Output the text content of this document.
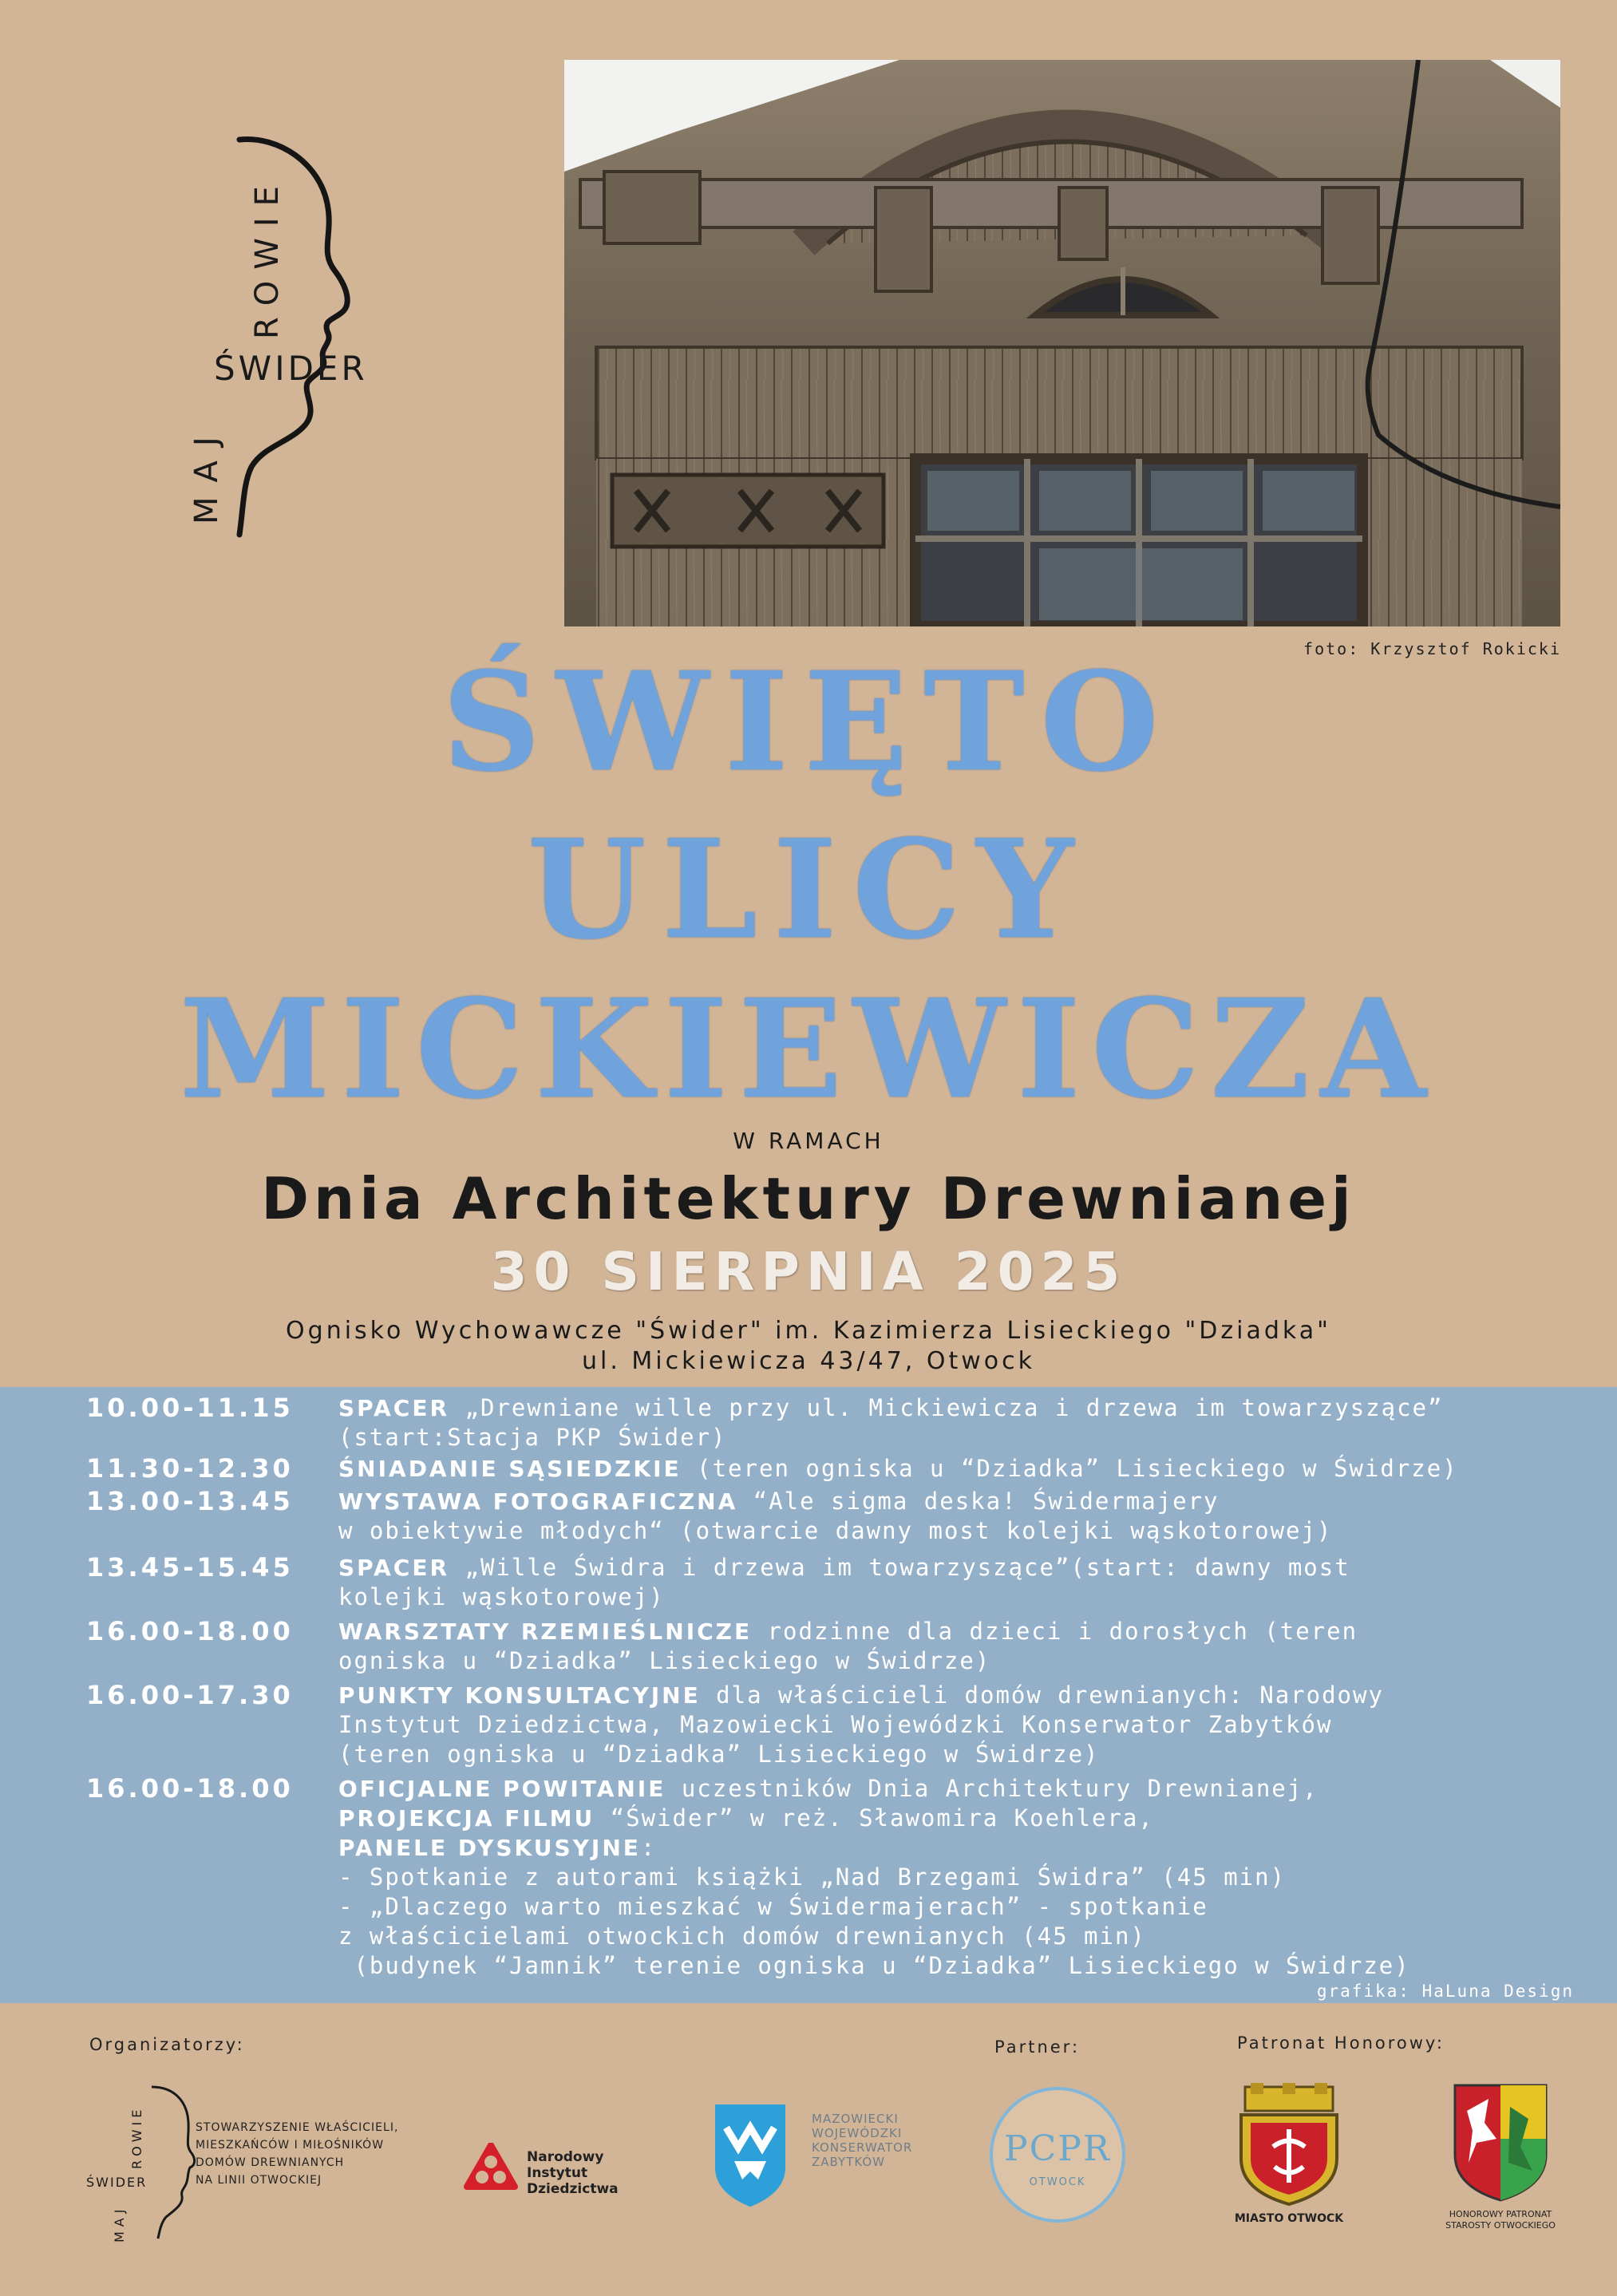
ŚWIDER
MAJ
ROWIE
foto: Krzysztof Rokicki
ŚWIĘTO
ULICY
MICKIEWICZA
W RAMACH
Dnia Architektury Drewnianej
30 SIERPNIA 2025
Ognisko Wychowawcze "Świder" im. Kazimierza Lisieckiego "Dziadka"
ul. Mickiewicza 43/47, Otwock
10.00-11.15	SPACER „Drewniane wille przy ul. Mickiewicza i drzewa im towarzyszące”
(start:Stacja PKP Świder)
11.30-12.30	ŚNIADANIE SĄSIEDZKIE (teren ogniska u “Dziadka” Lisieckiego w Świdrze)
13.00-13.45	WYSTAWA FOTOGRAFICZNA “Ale sigma deska! Świdermajery
w obiektywie młodych“ (otwarcie dawny most kolejki wąskotorowej)
13.45-15.45	SPACER „Wille Świdra i drzewa im towarzyszące”(start: dawny most
kolejki wąskotorowej)
16.00-18.00	WARSZTATY RZEMIEŚLNICZE rodzinne dla dzieci i dorosłych (teren
ogniska u “Dziadka” Lisieckiego w Świdrze)
16.00-17.30	PUNKTY KONSULTACYJNE dla właścicieli domów drewnianych: Narodowy
Instytut Dziedzictwa, Mazowiecki Wojewódzki Konserwator Zabytków
(teren ogniska u “Dziadka” Lisieckiego w Świdrze)
16.00-18.00	OFICJALNE POWITANIE uczestników Dnia Architektury Drewnianej,
PROJEKCJA FILMU “Świder” w reż. Sławomira Koehlera,
PANELE DYSKUSYJNE:
- Spotkanie z autorami książki „Nad Brzegami Świdra” (45 min)
- „Dlaczego warto mieszkać w Świdermajerach” - spotkanie
z właścicielami otwockich domów drewnianych (45 min)
(budynek “Jamnik” terenie ogniska u “Dziadka” Lisieckiego w Świdrze)
grafika: HaLuna Design
Organizatorzy:	Partner:	Patronat Honorowy:
ŚWIDER
MAJ
ROWIE	STOWARZYSZENIE WŁAŚCICIELI,
MIESZKAŃCÓW I MIŁOŚNIKÓW
DOMÓW DREWNIANYCH
NA LINII OTWOCKIEJ
Narodowy
Instytut
Dziedzictwa
MAZOWIECKI
WOJEWÓDZKI
KONSERWATOR
ZABYTKÓW	PCPR
OTWOCK
MIASTO OTWOCK	HONOROWY PATRONAT
STAROSTY OTWOCKIEGO
